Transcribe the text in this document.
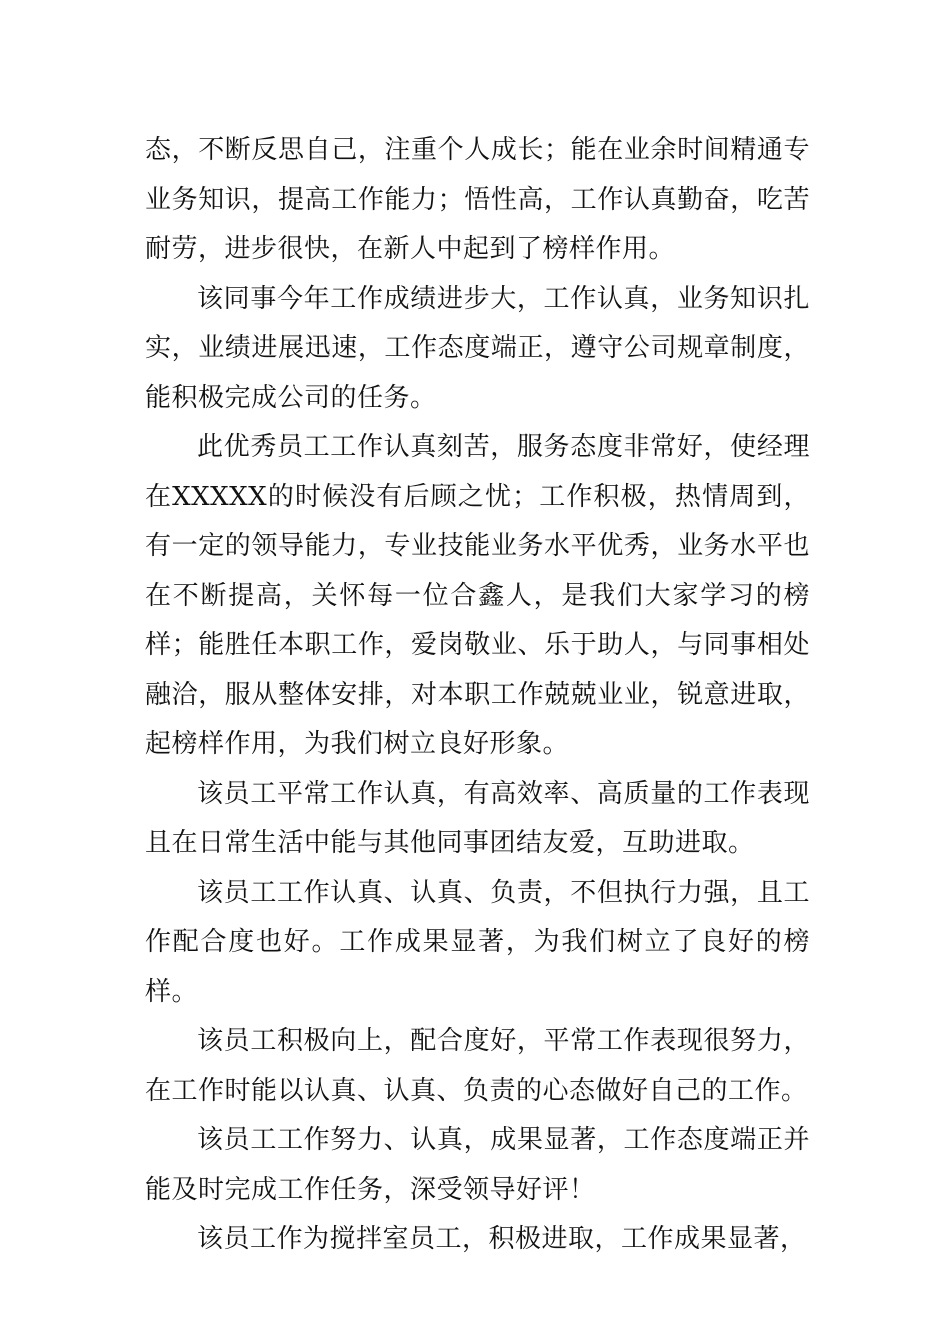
态，不断反思自己，注重个人成长；能在业余时间精通专业务知识，提高工作能力；悟性高，工作认真勤奋，吃苦耐劳，进步很快，在新人中起到了榜样作用。

该同事今年工作成绩进步大，工作认真，业务知识扎实，业绩进展迅速，工作态度端正，遵守公司规章制度，能积极完成公司的任务。

此优秀员工工作认真刻苦，服务态度非常好，使经理在XXXXX的时候没有后顾之忧；工作积极，热情周到，有一定的领导能力，专业技能业务水平优秀，业务水平也在不断提高，关怀每一位合鑫人，是我们大家学习的榜样；能胜任本职工作，爱岗敬业、乐于助人，与同事相处融洽，服从整体安排，对本职工作兢兢业业，锐意进取，起榜样作用，为我们树立良好形象。

该员工平常工作认真，有高效率、高质量的工作表现且在日常生活中能与其他同事团结友爱，互助进取。

该员工工作认真、认真、负责，不但执行力强，且工作配合度也好。工作成果显著，为我们树立了良好的榜样。

该员工积极向上，配合度好，平常工作表现很努力，在工作时能以认真、认真、负责的心态做好自己的工作。

该员工工作努力、认真，成果显著，工作态度端正并能及时完成工作任务，深受领导好评！

该员工作为搅拌室员工，积极进取，工作成果显著，
